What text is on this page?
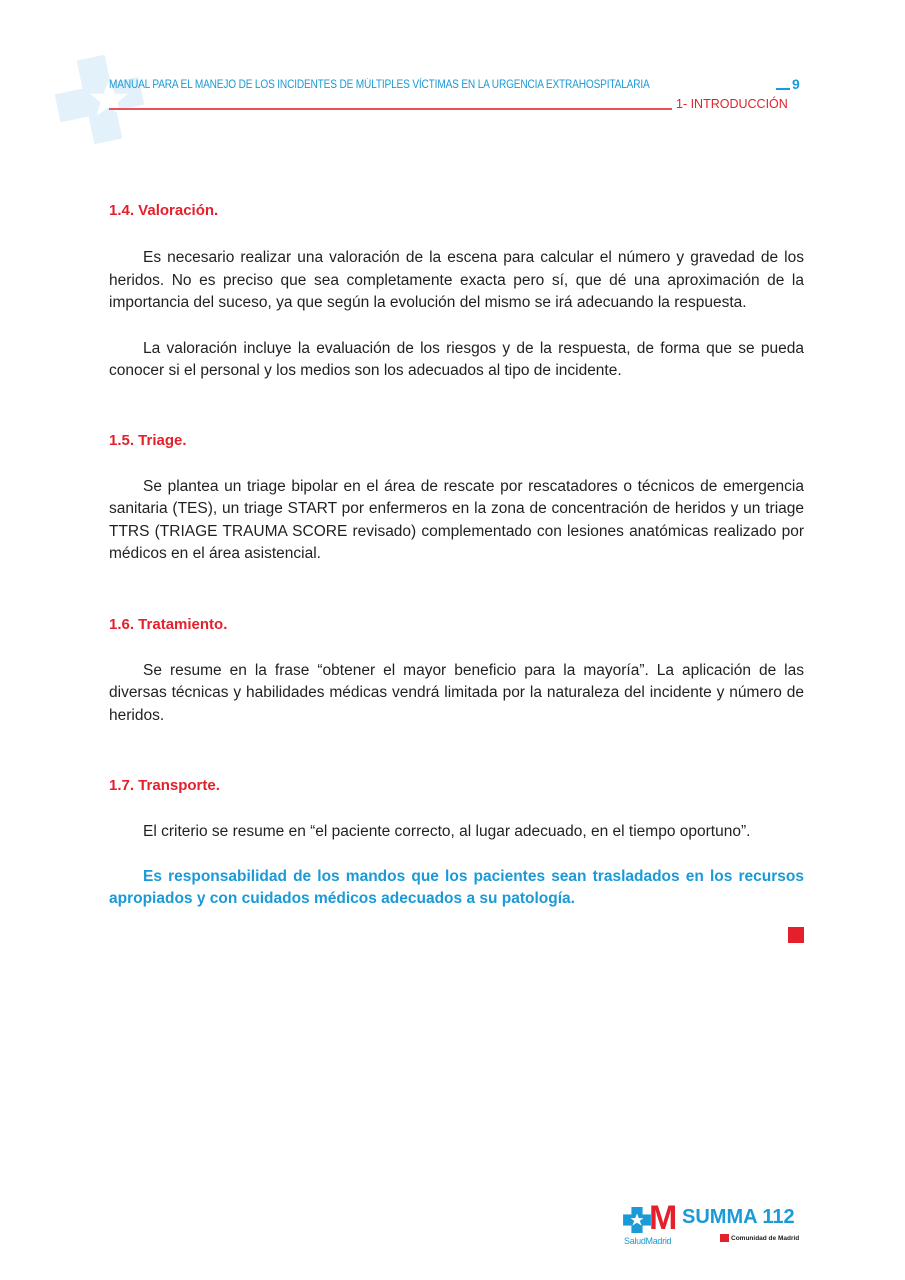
MANUAL PARA EL MANEJO DE LOS INCIDENTES DE MÚLTIPLES VÍCTIMAS EN LA URGENCIA EXTRAHOSPITALARIA	9
1- INTRODUCCIÓN
1.4. Valoración.

Es necesario realizar una valoración de la escena para calcular el número y gravedad de los heridos. No es preciso que sea completamente exacta pero sí, que dé una aproximación de la importancia del suceso, ya que según la evolución del mismo se irá adecuando la respuesta.

La valoración incluye la evaluación de los riesgos y de la respuesta, de forma que se pueda conocer si el personal y los medios son los adecuados al tipo de incidente.

1.5. Triage.

Se plantea un triage bipolar en el área de rescate por rescatadores o técnicos de emergencia sanitaria (TES), un triage START por enfermeros en la zona de concentración de heridos y un triage TTRS (TRIAGE TRAUMA SCORE revisado) complementado con lesiones anatómicas realizado por médicos en el área asistencial.

1.6. Tratamiento.

Se resume en la frase “obtener el mayor beneficio para la mayoría”. La aplicación de las diversas técnicas y habilidades médicas vendrá limitada por la naturaleza del incidente y número de heridos.

1.7. Transporte.

El criterio se resume en “el paciente correcto, al lugar adecuado, en el tiempo oportuno”.

Es responsabilidad de los mandos que los pacientes sean trasladados en los recursos apropiados y con cuidados médicos adecuados a su patología.

M
SaludMadrid
SUMMA 112
Comunidad de Madrid
